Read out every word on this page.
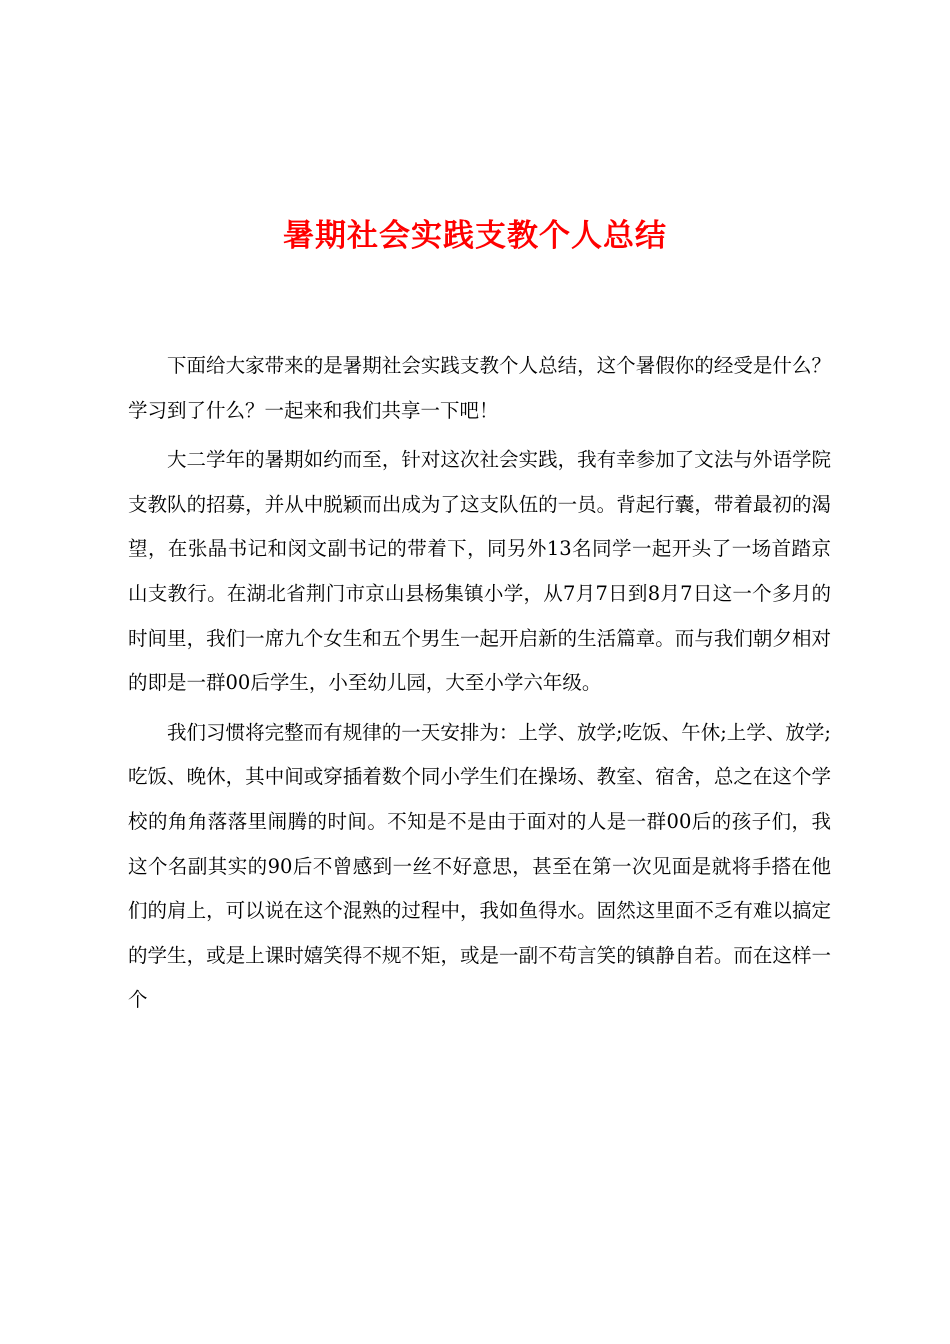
暑期社会实践支教个人总结

下面给大家带来的是暑期社会实践支教个人总结，这个暑假你的经受是什么？学习到了什么？一起来和我们共享一下吧！

大二学年的暑期如约而至，针对这次社会实践，我有幸参加了文法与外语学院支教队的招募，并从中脱颖而出成为了这支队伍的一员。背起行囊，带着最初的渴望，在张晶书记和闵文副书记的带着下，同另外13名同学一起开头了一场首踏京山支教行。在湖北省荆门市京山县杨集镇小学，从7月7日到8月7日这一个多月的时间里，我们一席九个女生和五个男生一起开启新的生活篇章。而与我们朝夕相对的即是一群00后学生，小至幼儿园，大至小学六年级。

我们习惯将完整而有规律的一天安排为：上学、放学;吃饭、午休;上学、放学;吃饭、晚休，其中间或穿插着数个同小学生们在操场、教室、宿舍，总之在这个学校的角角落落里闹腾的时间。不知是不是由于面对的人是一群00后的孩子们，我这个名副其实的90后不曾感到一丝不好意思，甚至在第一次见面是就将手搭在他们的肩上，可以说在这个混熟的过程中，我如鱼得水。固然这里面不乏有难以搞定的学生，或是上课时嬉笑得不规不矩，或是一副不苟言笑的镇静自若。而在这样一个
